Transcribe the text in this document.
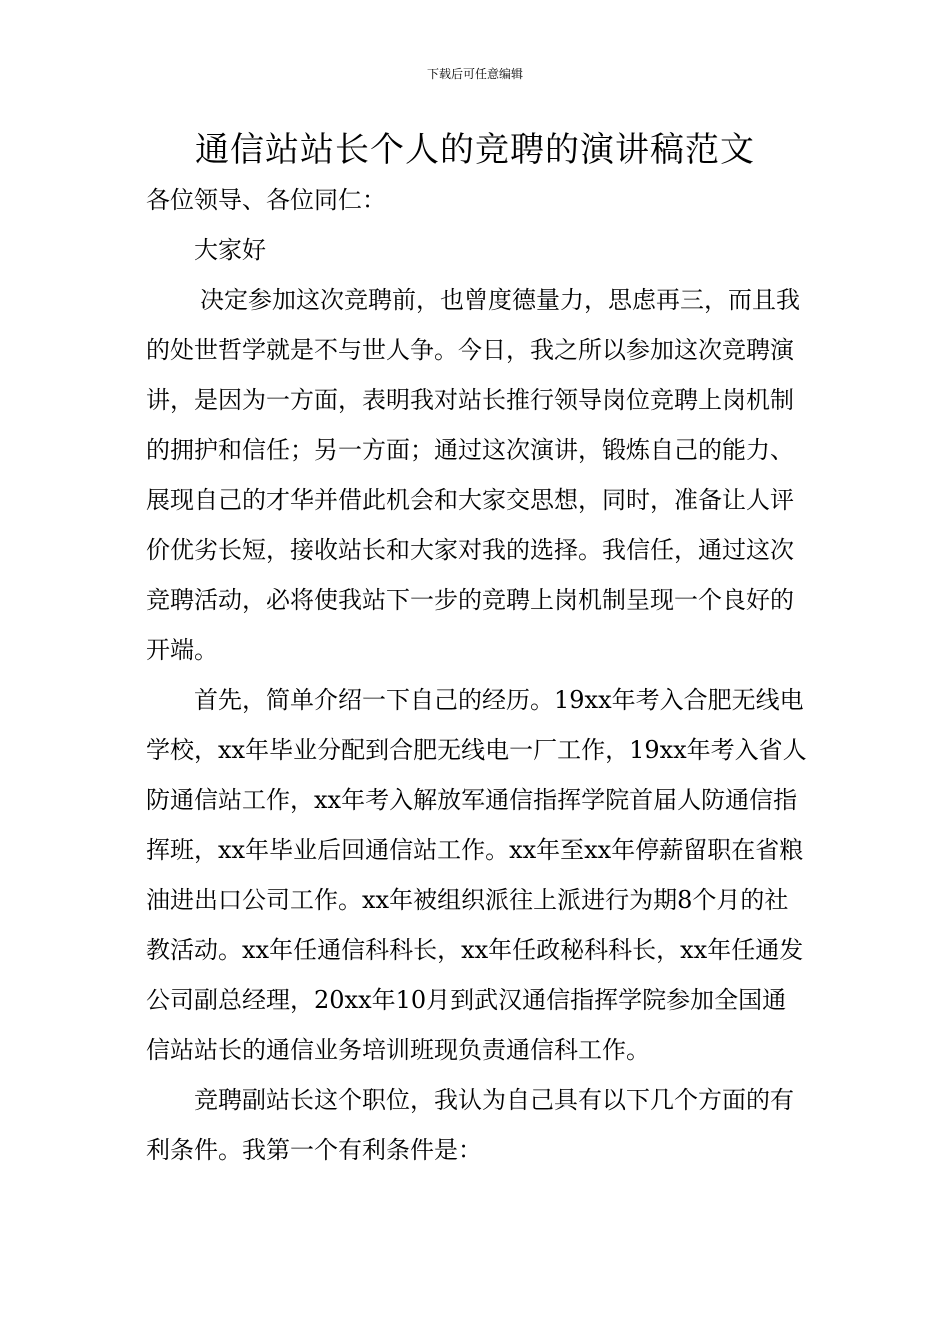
下载后可任意编辑
通信站站长个人的竞聘的演讲稿范文

各位领导、各位同仁：

大家好

决定参加这次竞聘前，也曾度德量力，思虑再三，而且我的处世哲学就是不与世人争。今日，我之所以参加这次竞聘演讲，是因为一方面，表明我对站长推行领导岗位竞聘上岗机制的拥护和信任；另一方面；通过这次演讲，锻炼自己的能力、展现自己的才华并借此机会和大家交思想，同时，准备让人评价优劣长短，接收站长和大家对我的选择。我信任，通过这次竞聘活动，必将使我站下一步的竞聘上岗机制呈现一个良好的开端。

首先，简单介绍一下自己的经历。19xx年考入合肥无线电学校，xx年毕业分配到合肥无线电一厂工作，19xx年考入省人防通信站工作，xx年考入解放军通信指挥学院首届人防通信指挥班，xx年毕业后回通信站工作。xx年至xx年停薪留职在省粮油进出口公司工作。xx年被组织派往上派进行为期8个月的社教活动。xx年任通信科科长，xx年任政秘科科长，xx年任通发公司副总经理，20xx年10月到武汉通信指挥学院参加全国通信站站长的通信业务培训班现负责通信科工作。

竞聘副站长这个职位，我认为自己具有以下几个方面的有利条件。我第一个有利条件是：
